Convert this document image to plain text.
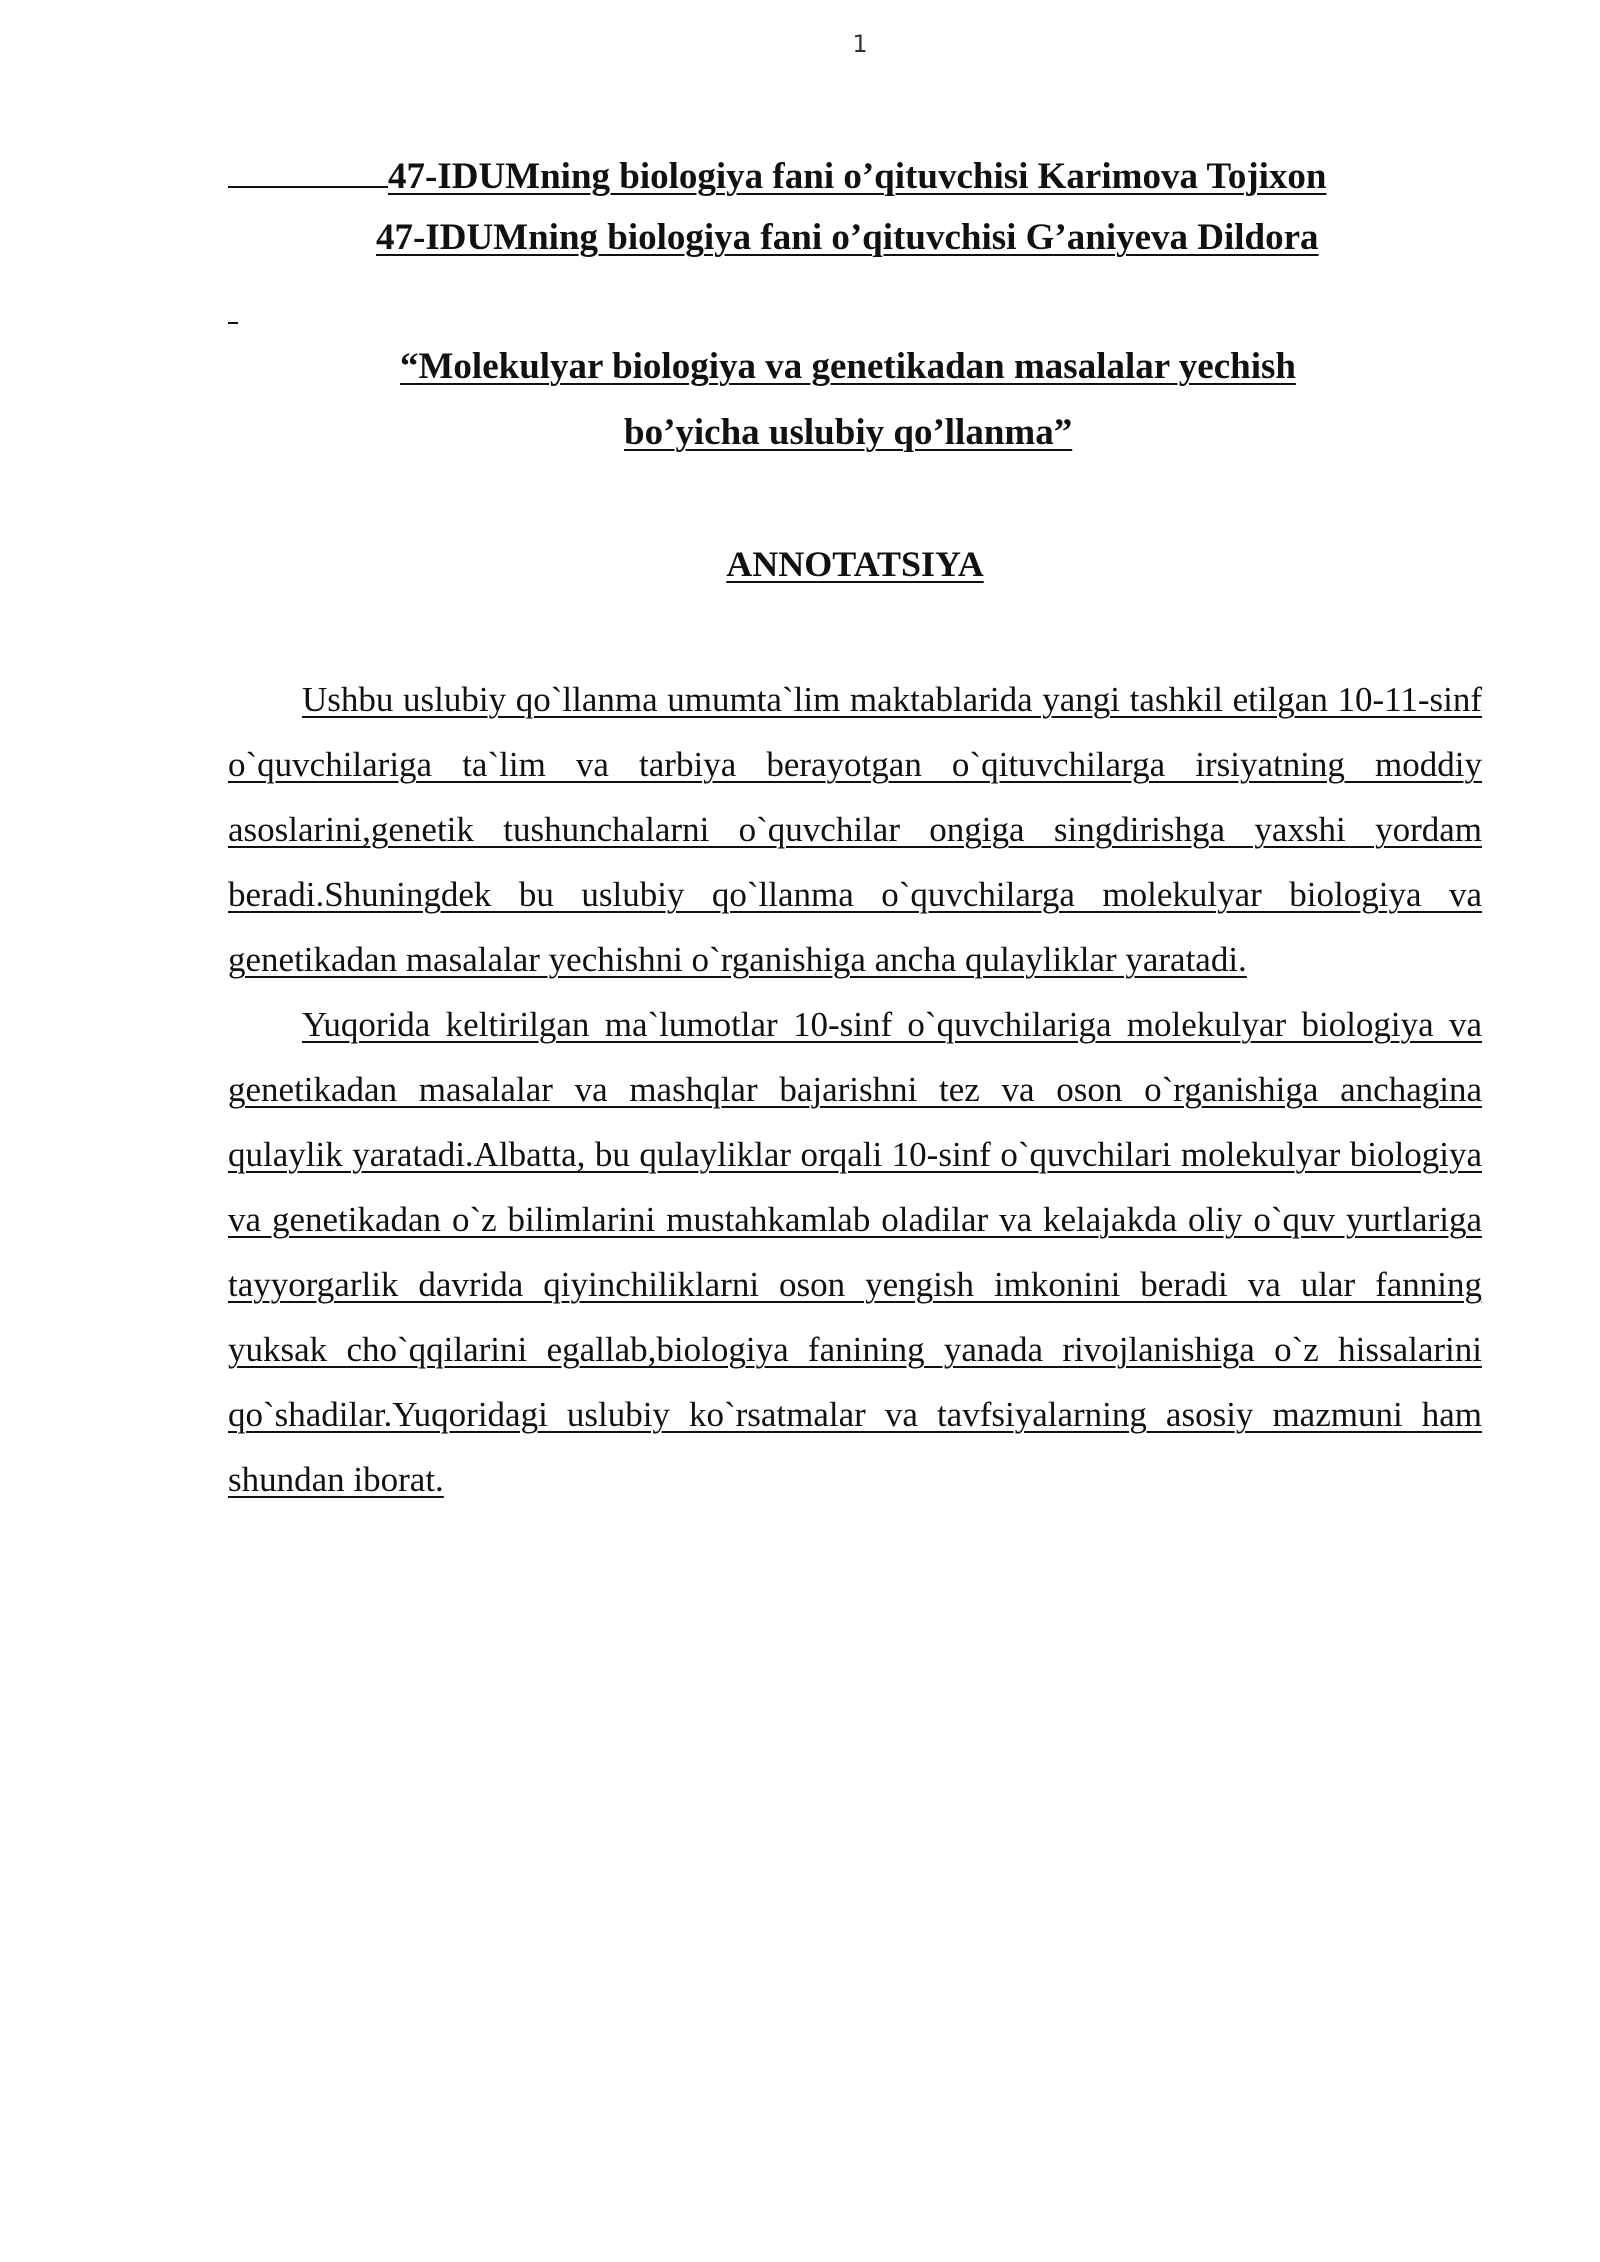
1
47-IDUMning biologiya fani o’qituvchisi Karimova Tojixon
47-IDUMning biologiya fani o’qituvchisi G’aniyeva Dildora
“Molekulyar biologiya va genetikadan masalalar yechish
bo’yicha uslubiy qo’llanma”
ANNOTATSIYA

Ushbu uslubiy qo`llanma umumta`lim maktablarida yangi tashkil etilgan 10-11-sinf o`quvchilariga ta`lim va tarbiya berayotgan o`qituvchilarga irsiyatning moddiy asoslarini,genetik tushunchalarni o`quvchilar ongiga singdirishga yaxshi yordam beradi.Shuningdek bu uslubiy qo`llanma o`quvchilarga molekulyar biologiya va genetikadan masalalar yechishni o`rganishiga ancha qulayliklar yaratadi.

Yuqorida keltirilgan ma`lumotlar 10-sinf o`quvchilariga molekulyar biologiya va genetikadan masalalar va mashqlar bajarishni tez va oson o`rganishiga anchagina qulaylik yaratadi.Albatta, bu qulayliklar orqali 10-sinf o`quvchilari molekulyar biologiya va genetikadan o`z bilimlarini mustahkamlab oladilar va kelajakda oliy o`quv yurtlariga tayyorgarlik davrida qiyinchiliklarni oson yengish imkonini beradi va ular fanning yuksak cho`qqilarini egallab,biologiya fanining yanada rivojlanishiga o`z hissalarini qo`shadilar.Yuqoridagi uslubiy ko`rsatmalar va tavfsiyalarning asosiy mazmuni ham shundan iborat.
